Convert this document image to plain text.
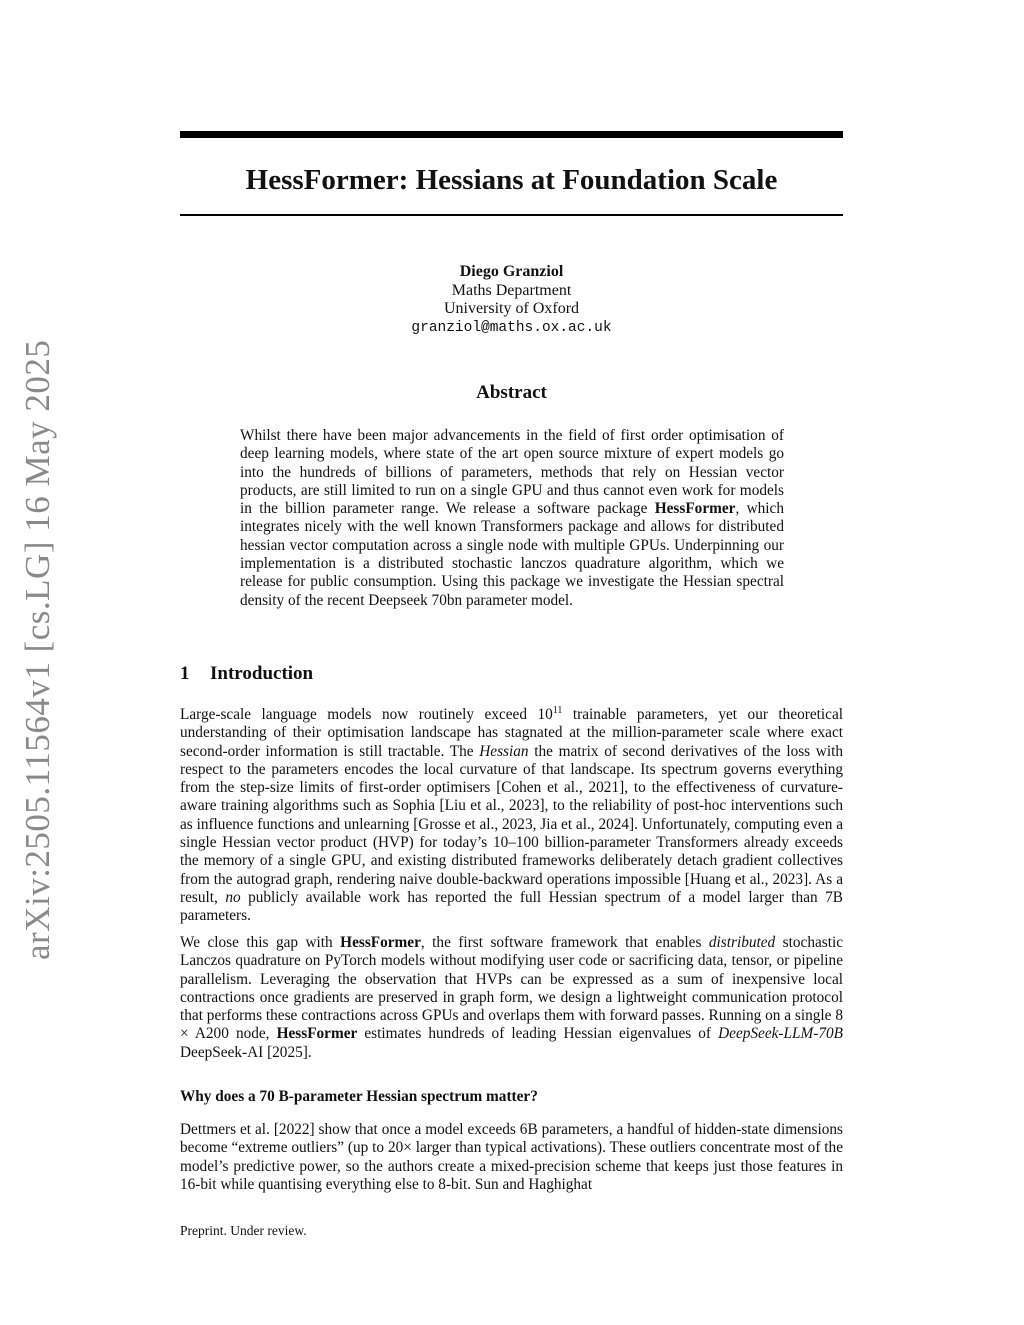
arXiv:2505.11564v1 [cs.LG] 16 May 2025
HessFormer: Hessians at Foundation Scale
Diego Granziol
Maths Department
University of Oxford
granziol@maths.ox.ac.uk
Abstract
Whilst there have been major advancements in the field of first order optimisation of deep learning models, where state of the art open source mixture of expert models go into the hundreds of billions of parameters, methods that rely on Hessian vector products, are still limited to run on a single GPU and thus cannot even work for models in the billion parameter range. We release a software package HessFormer, which integrates nicely with the well known Transformers package and allows for distributed hessian vector computation across a single node with multiple GPUs. Underpinning our implementation is a distributed stochastic lanczos quadrature algorithm, which we release for public consumption. Using this package we investigate the Hessian spectral density of the recent Deepseek 70bn parameter model.
1 Introduction
Large-scale language models now routinely exceed $10^{11}$ trainable parameters, yet our theoretical understanding of their optimisation landscape has stagnated at the million-parameter scale where exact second-order information is still tractable. The Hessian the matrix of second derivatives of the loss with respect to the parameters encodes the local curvature of that landscape. Its spectrum governs everything from the step-size limits of first-order optimisers [Cohen et al., 2021], to the effectiveness of curvature-aware training algorithms such as Sophia [Liu et al., 2023], to the reliability of post-hoc interventions such as influence functions and unlearning [Grosse et al., 2023, Jia et al., 2024]. Unfortunately, computing even a single Hessian vector product (HVP) for today’s 10–100 billion-parameter Transformers already exceeds the memory of a single GPU, and existing distributed frameworks deliberately detach gradient collectives from the autograd graph, rendering naive double-backward operations impossible [Huang et al., 2023]. As a result, no publicly available work has reported the full Hessian spectrum of a model larger than 7B parameters.
We close this gap with HessFormer, the first software framework that enables distributed stochastic Lanczos quadrature on PyTorch models without modifying user code or sacrificing data, tensor, or pipeline parallelism. Leveraging the observation that HVPs can be expressed as a sum of inexpensive local contractions once gradients are preserved in graph form, we design a lightweight communication protocol that performs these contractions across GPUs and overlaps them with forward passes. Running on a single 8 × A200 node, HessFormer estimates hundreds of leading Hessian eigenvalues of DeepSeek-LLM-70B DeepSeek-AI [2025].
Why does a 70 B-parameter Hessian spectrum matter?
Dettmers et al. [2022] show that once a model exceeds 6B parameters, a handful of hidden-state dimensions become “extreme outliers” (up to 20× larger than typical activations). These outliers concentrate most of the model’s predictive power, so the authors create a mixed-precision scheme that keeps just those features in 16-bit while quantising everything else to 8-bit. Sun and Haghighat
Preprint. Under review.
